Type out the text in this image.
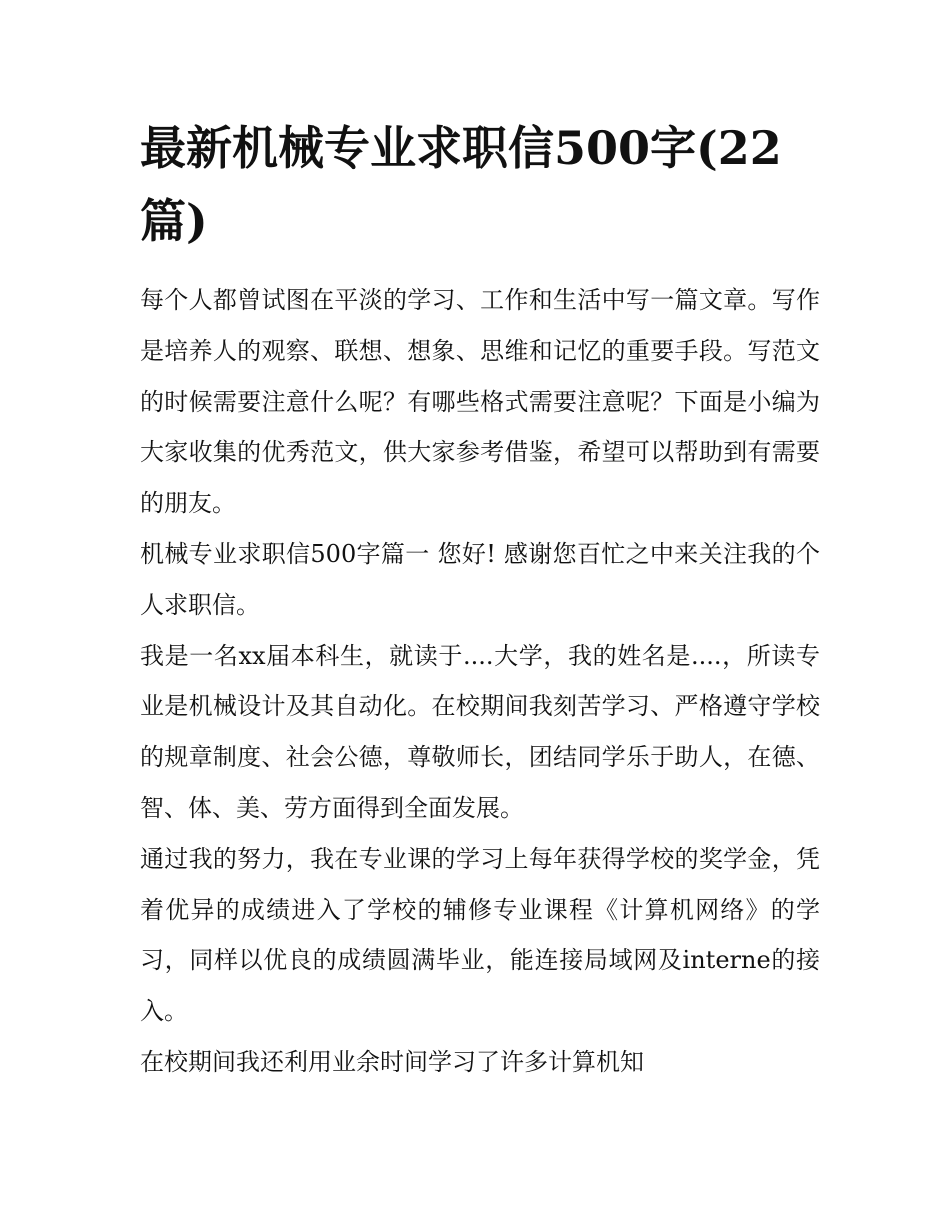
最新机械专业求职信500字(22篇)

每个人都曾试图在平淡的学习、工作和生活中写一篇文章。写作是培养人的观察、联想、想象、思维和记忆的重要手段。写范文的时候需要注意什么呢？有哪些格式需要注意呢？下面是小编为大家收集的优秀范文，供大家参考借鉴，希望可以帮助到有需要的朋友。

机械专业求职信500字篇一 您好! 感谢您百忙之中来关注我的个人求职信。

我是一名xx届本科生，就读于....大学，我的姓名是....，所读专业是机械设计及其自动化。在校期间我刻苦学习、严格遵守学校的规章制度、社会公德，尊敬师长，团结同学乐于助人，在德、智、体、美、劳方面得到全面发展。

通过我的努力，我在专业课的学习上每年获得学校的奖学金，凭着优异的成绩进入了学校的辅修专业课程《计算机网络》的学习，同样以优良的成绩圆满毕业，能连接局域网及interne的接入。

在校期间我还利用业余时间学习了许多计算机知
